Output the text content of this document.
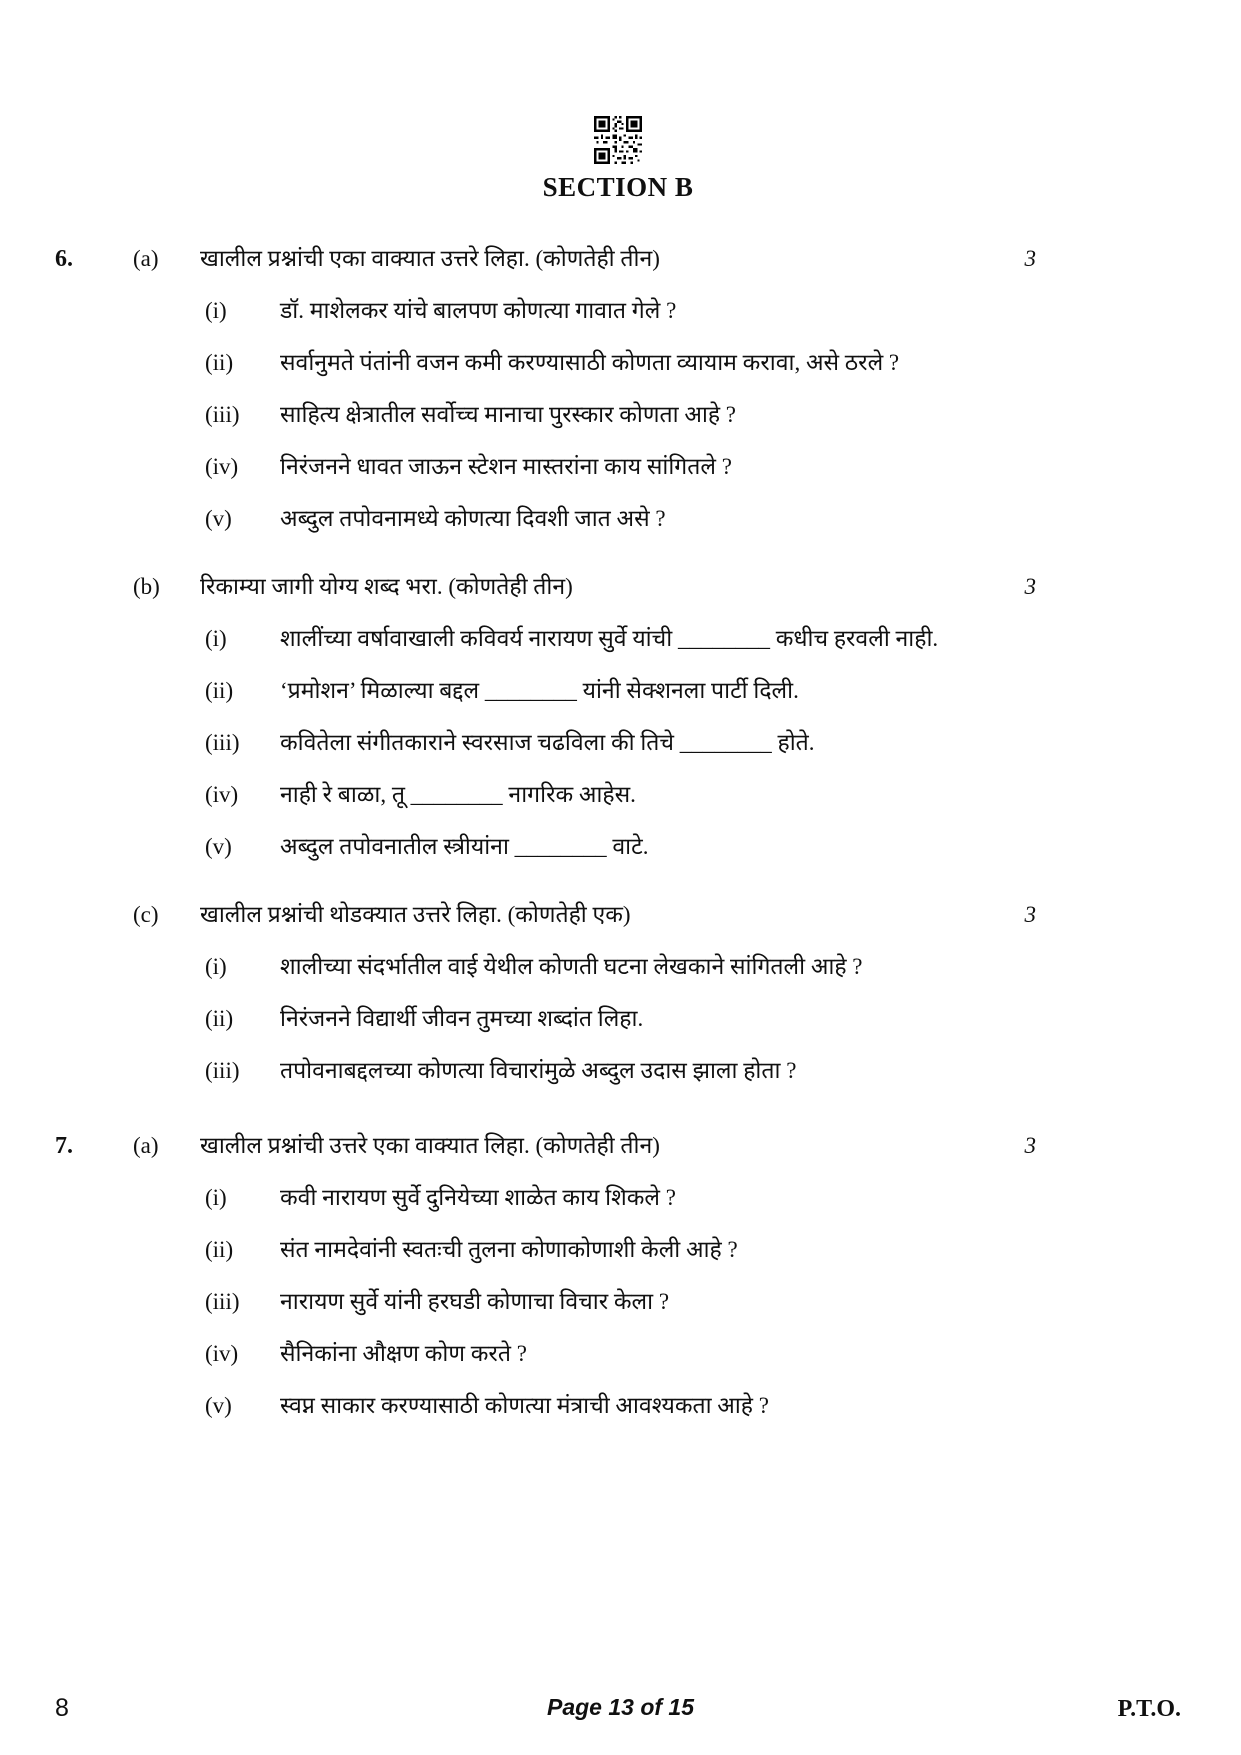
SECTION B
6.	(a)	खालील प्रश्नांची एका वाक्यात उत्तरे लिहा. (कोणतेही तीन)	3
(i)	डॉ. माशेलकर यांचे बालपण कोणत्या गावात गेले ?
(ii)	सर्वानुमते पंतांनी वजन कमी करण्यासाठी कोणता व्यायाम करावा, असे ठरले ?
(iii)	साहित्य क्षेत्रातील सर्वोच्च मानाचा पुरस्कार कोणता आहे ?
(iv)	निरंजनने धावत जाऊन स्टेशन मास्तरांना काय सांगितले ?
(v)	अब्दुल तपोवनामध्ये कोणत्या दिवशी जात असे ?
(b)	रिकाम्या जागी योग्य शब्द भरा. (कोणतेही तीन)	3
(i)	शालींच्या वर्षावाखाली कविवर्य नारायण सुर्वे यांची ________ कधीच हरवली नाही.
(ii)	‘प्रमोशन’ मिळाल्या बद्दल ________ यांनी सेक्शनला पार्टी दिली.
(iii)	कवितेला संगीतकाराने स्वरसाज चढविला की तिचे ________ होते.
(iv)	नाही रे बाळा, तू ________ नागरिक आहेस.
(v)	अब्दुल तपोवनातील स्त्रीयांना ________ वाटे.
(c)	खालील प्रश्नांची थोडक्यात उत्तरे लिहा. (कोणतेही एक)	3
(i)	शालीच्या संदर्भातील वाई येथील कोणती घटना लेखकाने सांगितली आहे ?
(ii)	निरंजनने विद्यार्थी जीवन तुमच्या शब्दांत लिहा.
(iii)	तपोवनाबद्दलच्या कोणत्या विचारांमुळे अब्दुल उदास झाला होता ?
7.	(a)	खालील प्रश्नांची उत्तरे एका वाक्यात लिहा. (कोणतेही तीन)	3
(i)	कवी नारायण सुर्वे दुनियेच्या शाळेत काय शिकले ?
(ii)	संत नामदेवांनी स्वतःची तुलना कोणाकोणाशी केली आहे ?
(iii)	नारायण सुर्वे यांनी हरघडी कोणाचा विचार केला ?
(iv)	सैनिकांना औक्षण कोण करते ?
(v)	स्वप्न साकार करण्यासाठी कोणत्या मंत्राची आवश्यकता आहे ?
8	Page 13 of 15	P.T.O.
